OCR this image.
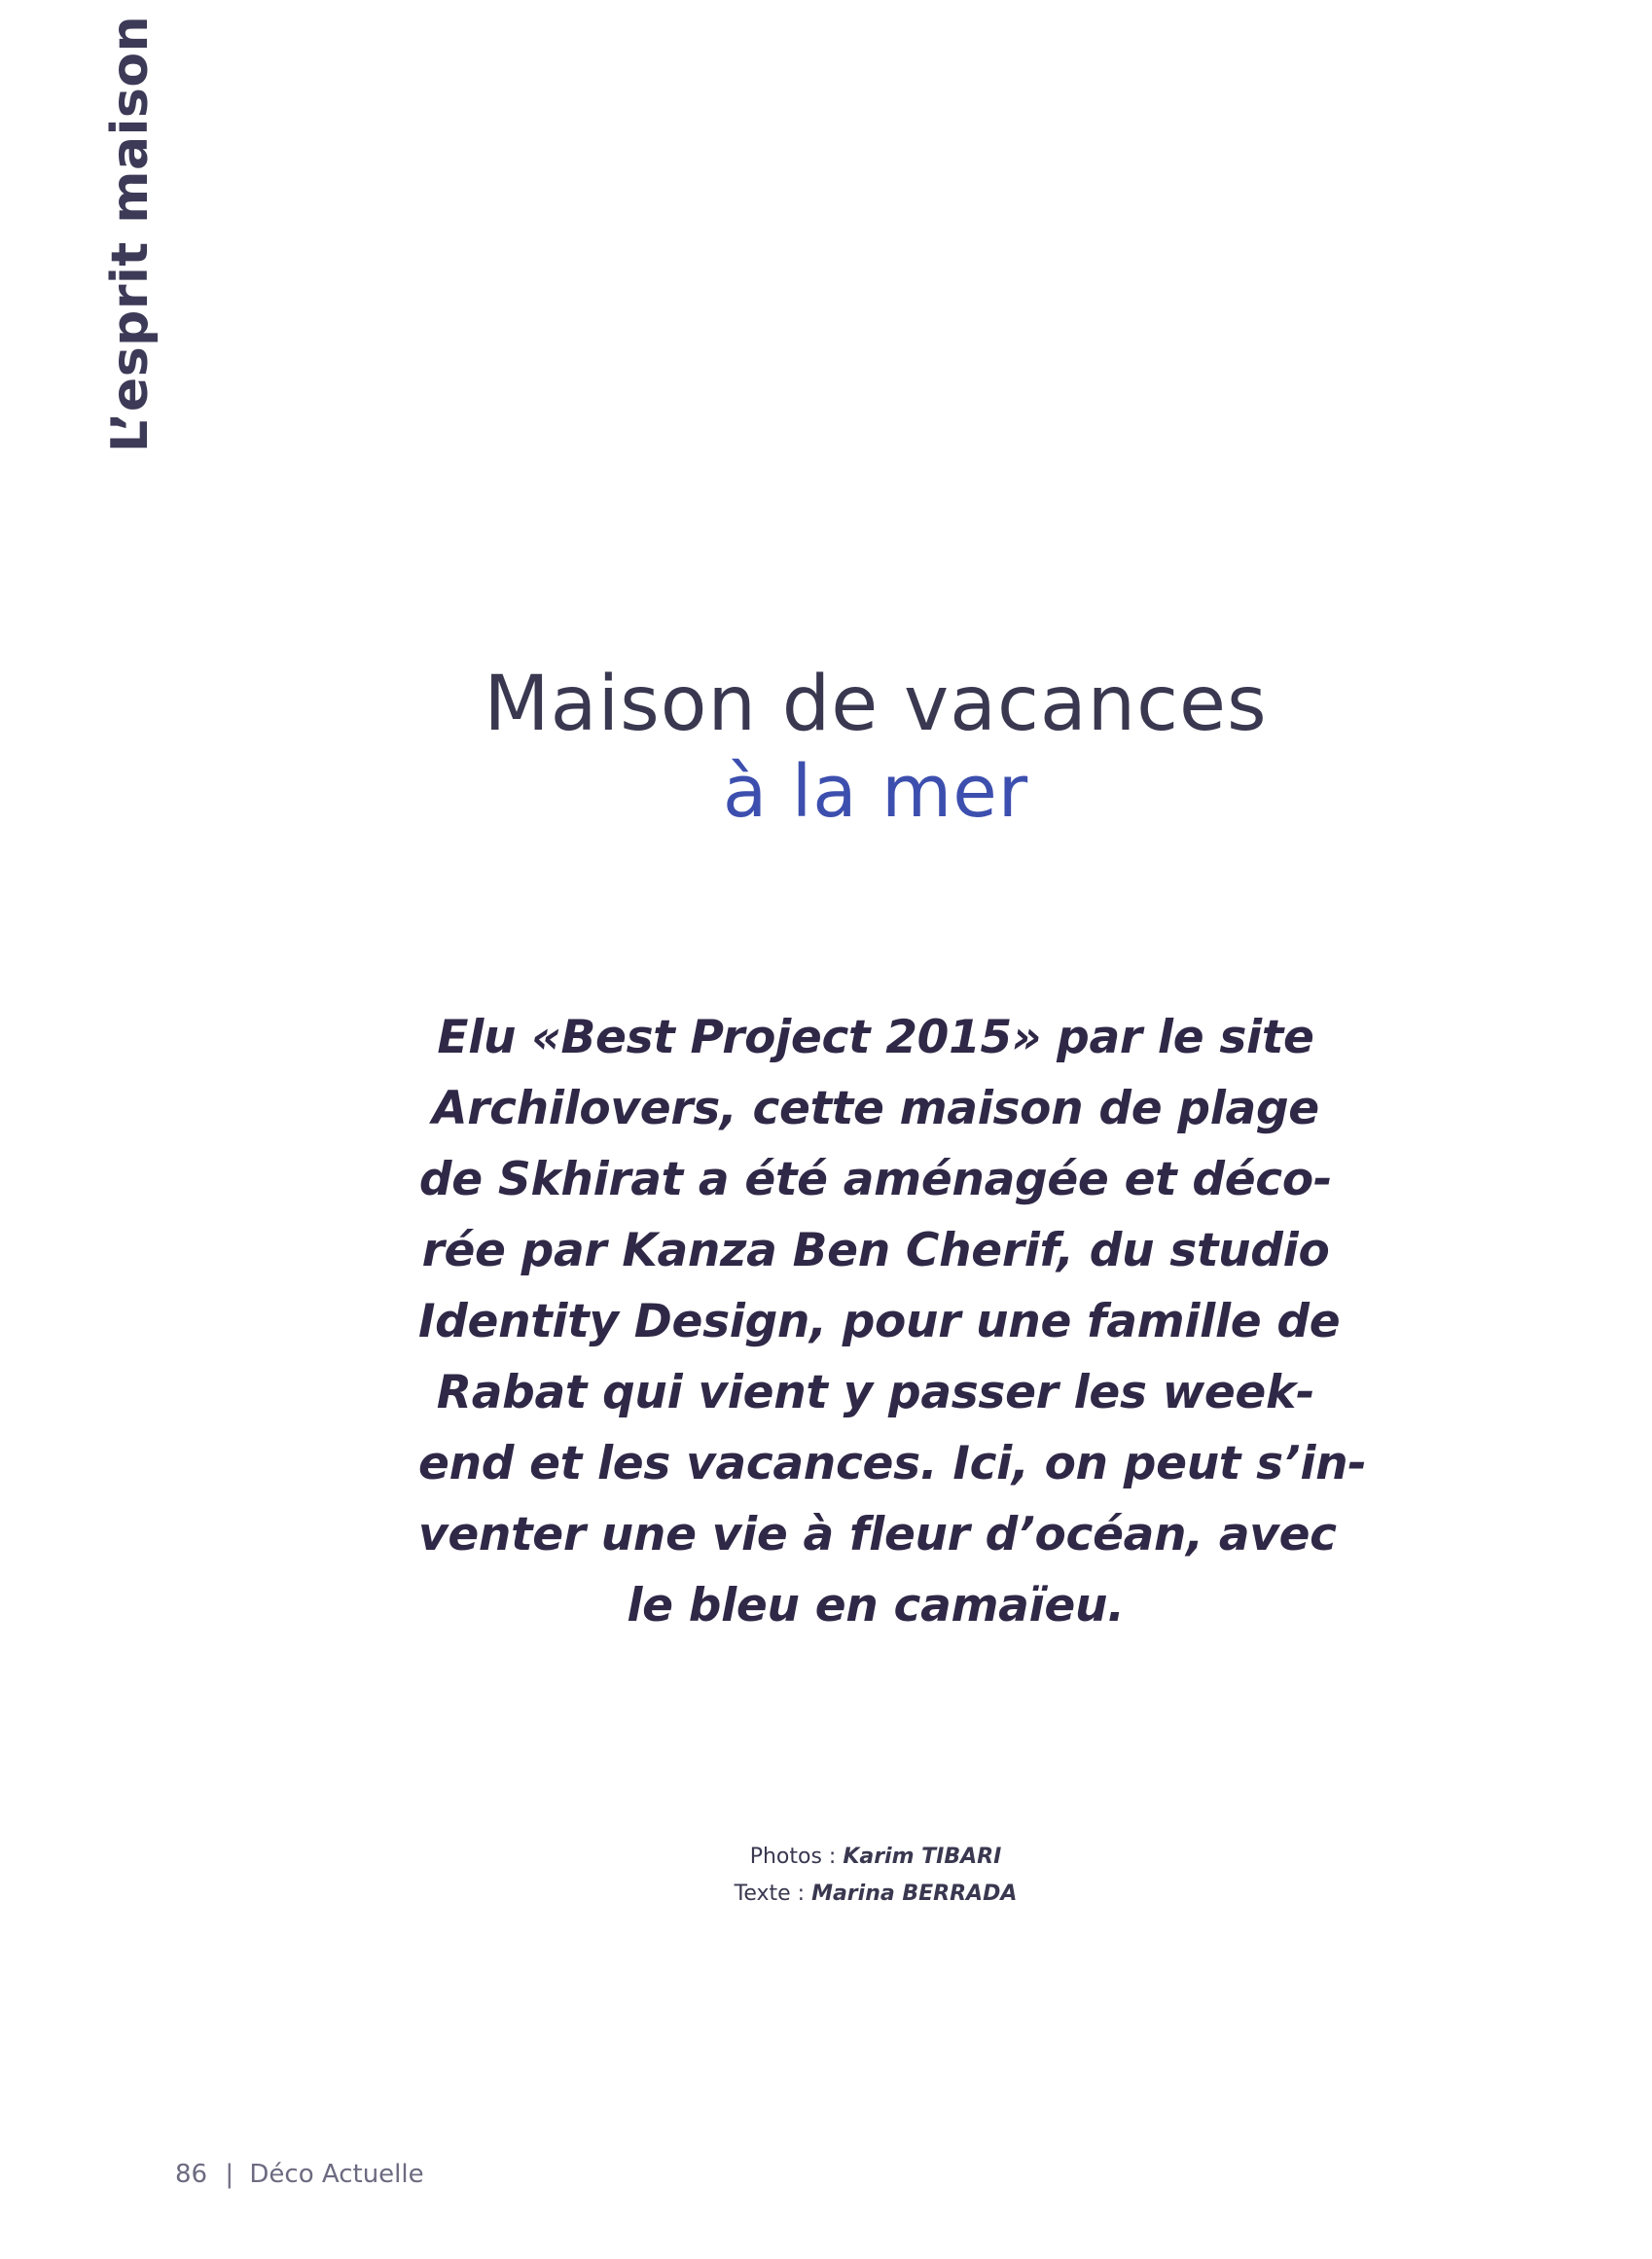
L’esprit maison
Maison de vacances
à la mer
Elu «Best Project 2015» par le site
Archilovers, cette maison de plage
de Skhirat a été aménagée et déco-
rée par Kanza Ben Cherif, du studio
Identity Design, pour une famille de
Rabat qui vient y passer les week-
end et les vacances. Ici, on peut s’in-
venter une vie à fleur d’océan, avec
le bleu en camaïeu.
Photos : Karim TIBARI
Texte : Marina BERRADA
86 | Déco Actuelle
